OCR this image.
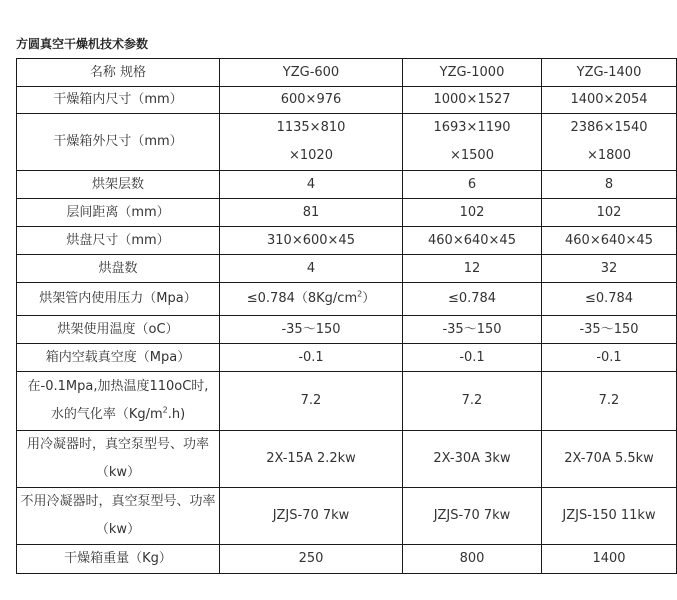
方圆真空干燥机技术参数
名称 规格	YZG-600	YZG-1000	YZG-1400
干燥箱内尺寸（mm）	600×976	1000×1527	1400×2054
干燥箱外尺寸（mm）	1135×810 ×1020	1693×1190 ×1500	2386×1540 ×1800
烘架层数	4	6	8
层间距离（mm）	81	102	102
烘盘尺寸（mm）	310×600×45	460×640×45	460×640×45
烘盘数	4	12	32
烘架管内使用压力（Mpa）	$\le 0.784(8Kg/cm^2)$	≤0.784	≤0.784
烘架使用温度（oC）	-35～150	-35～150	-35～150
箱内空载真空度（Mpa）	-0.1	-0.1	-0.1
在-0.1Mpa,加热温度110oC时,
水的气化率$(Kg/m^2.h)$	7.2	7.2	7.2
用冷凝器时，真空泵型号、功率（kw）	2X-15A 2.2kw	2X-30A 3kw	2X-70A 5.5kw
不用冷凝器时，真空泵型号、功率（kw）	JZJS-70 7kw	JZJS-70 7kw	JZJS-150 11kw
干燥箱重量（Kg）	250	800	1400
